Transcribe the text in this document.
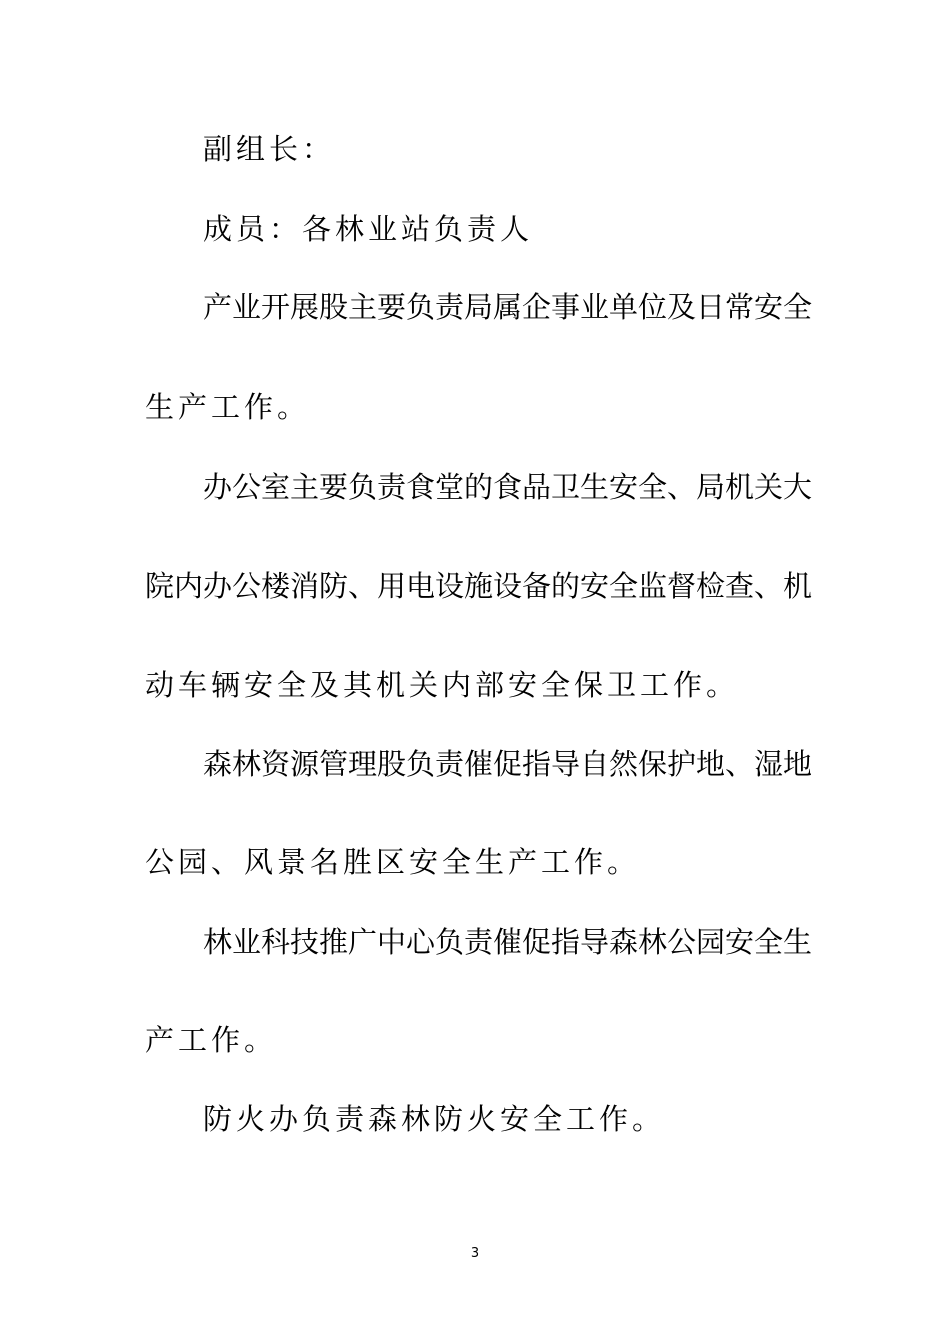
副组长：
成员：各林业站负责人
产业开展股主要负责局属企事业单位及日常安全
生产工作。
办公室主要负责食堂的食品卫生安全、局机关大
院内办公楼消防、用电设施设备的安全监督检查、机
动车辆安全及其机关内部安全保卫工作。
森林资源管理股负责催促指导自然保护地、湿地
公园、风景名胜区安全生产工作。
林业科技推广中心负责催促指导森林公园安全生
产工作。
防火办负责森林防火安全工作。
3
